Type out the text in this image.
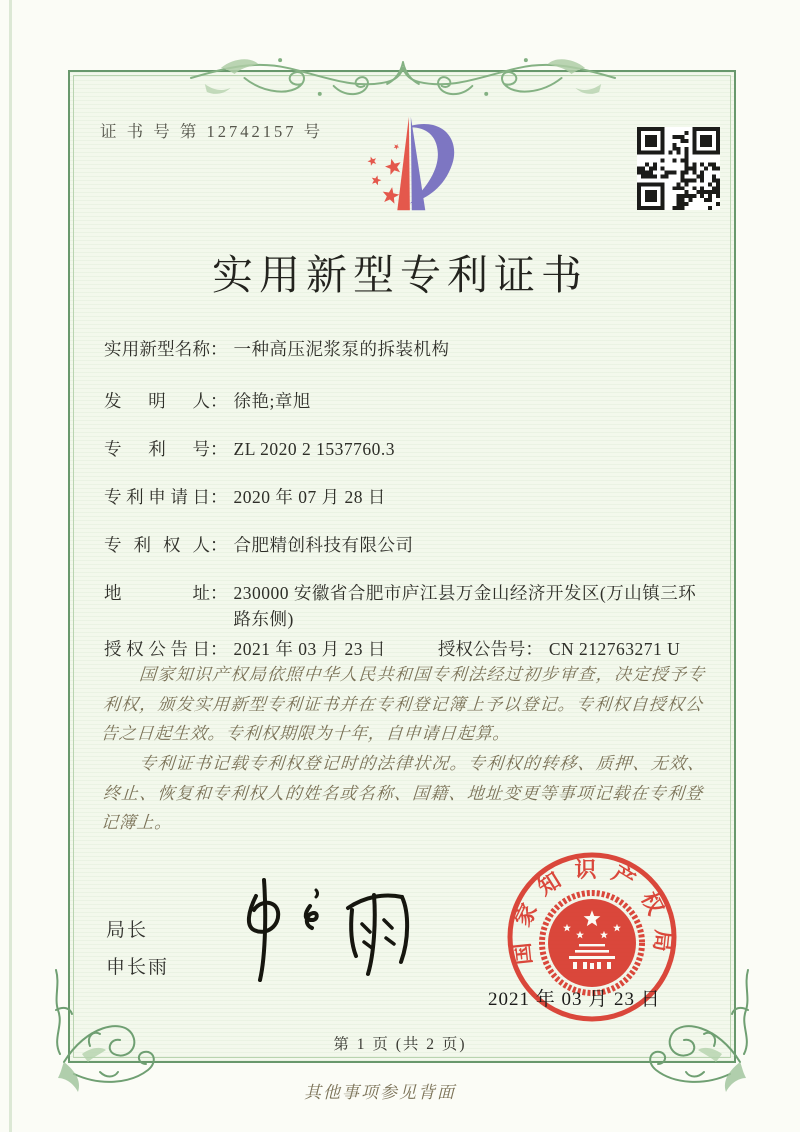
证 书 号 第 12742157 号
实用新型专利证书
实用新型名称： 一种高压泥浆泵的拆装机构
发明人： 徐艳;章旭
专利号： ZL 2020 2 1537760.3
专利申请日： 2020 年 07 月 28 日
专利权人： 合肥精创科技有限公司
地址： 230000 安徽省合肥市庐江县万金山经济开发区(万山镇三环路东侧)
授权公告日： 2021 年 03 月 23 日	授权公告号： CN 212763271 U

国家知识产权局依照中华人民共和国专利法经过初步审查，决定授予专利权，颁发实用新型专利证书并在专利登记簿上予以登记。专利权自授权公告之日起生效。专利权期限为十年，自申请日起算。

专利证书记载专利权登记时的法律状况。专利权的转移、质押、无效、终止、恢复和专利权人的姓名或名称、国籍、地址变更等事项记载在专利登记簿上。

局长
申长雨
国家知识产权局
2021 年 03 月 23 日
第 1 页 (共 2 页)
其他事项参见背面
